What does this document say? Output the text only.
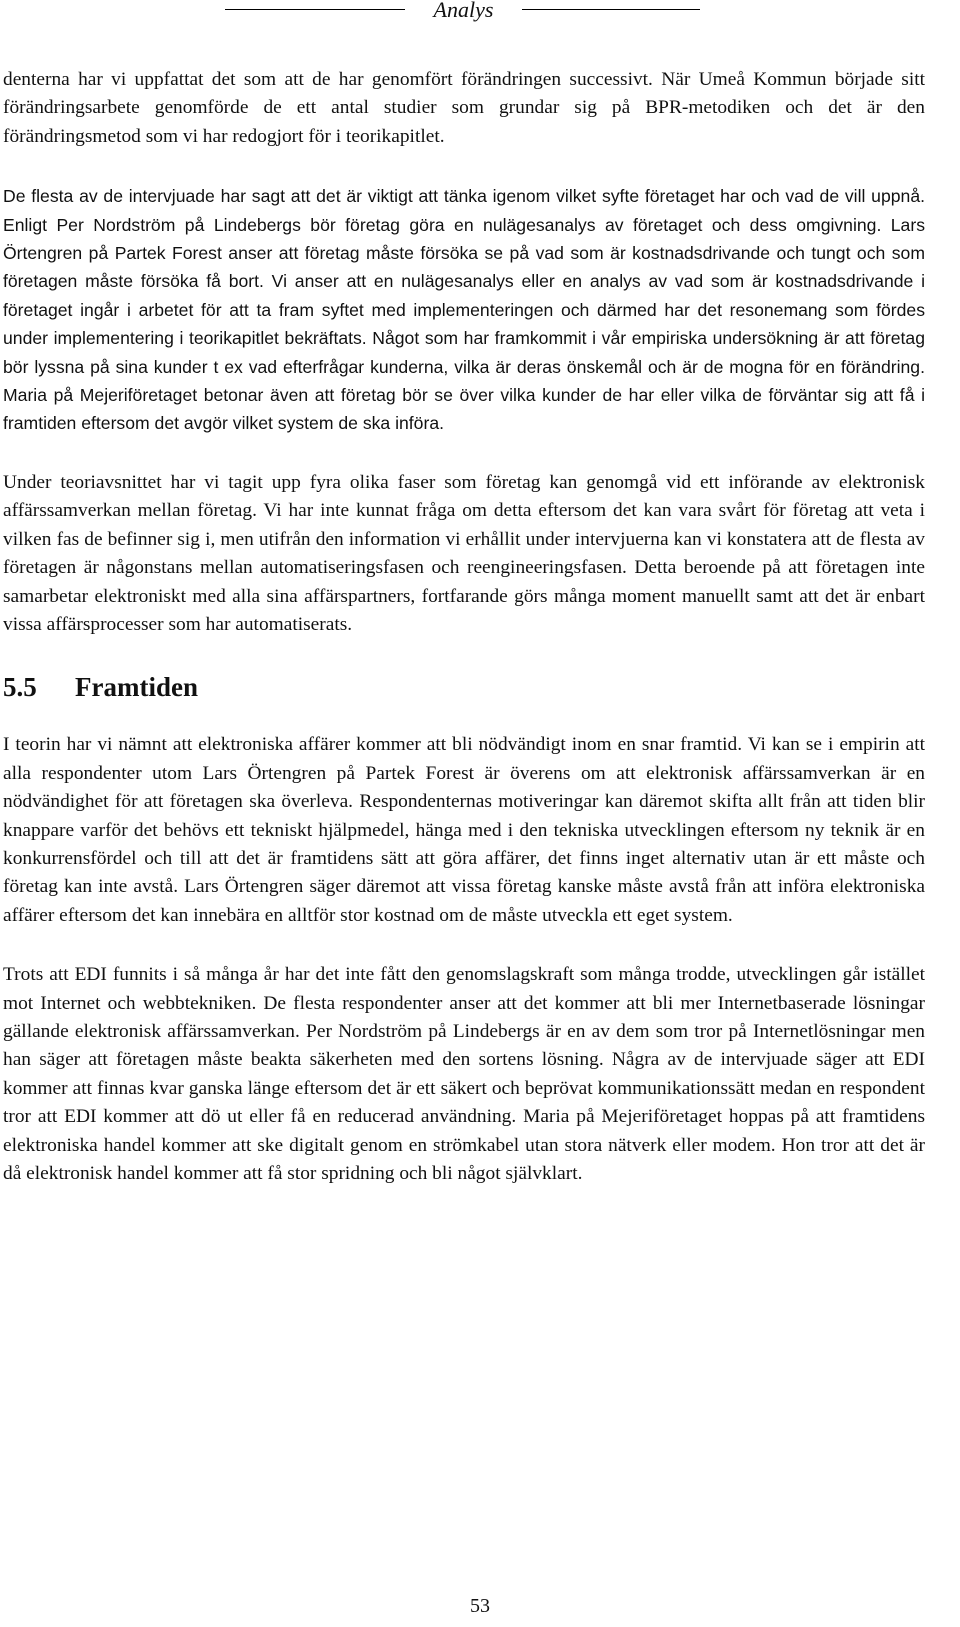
Analys

denterna har vi uppfattat det som att de har genomfört förändringen successivt. När Umeå Kommun började sitt förändringsarbete genomförde de ett antal studier som grundar sig på BPR-metodiken och det är den förändringsmetod som vi har redogjort för i teorikapitlet.

De flesta av de intervjuade har sagt att det är viktigt att tänka igenom vilket syfte företaget har och vad de vill uppnå. Enligt Per Nordström på Lindebergs bör företag göra en nulägesanalys av företaget och dess omgivning. Lars Örtengren på Partek Forest anser att företag måste försöka se på vad som är kostnadsdrivande och tungt och som företagen måste försöka få bort. Vi anser att en nulägesanalys eller en analys av vad som är kostnadsdrivande i företaget ingår i arbetet för att ta fram syftet med implementeringen och därmed har det resonemang som fördes under implementering i teorikapitlet bekräftats. Något som har framkommit i vår empiriska undersökning är att företag bör lyssna på sina kunder t ex vad efterfrågar kunderna, vilka är deras önskemål och är de mogna för en förändring. Maria på Mejeriföretaget betonar även att företag bör se över vilka kunder de har eller vilka de förväntar sig att få i framtiden eftersom det avgör vilket system de ska införa.

Under teoriavsnittet har vi tagit upp fyra olika faser som företag kan genomgå vid ett införande av elektronisk affärssamverkan mellan företag. Vi har inte kunnat fråga om detta eftersom det kan vara svårt för företag att veta i vilken fas de befinner sig i, men utifrån den information vi erhållit under intervjuerna kan vi konstatera att de flesta av företagen är någonstans mellan automatiseringsfasen och reengineeringsfasen. Detta beroende på att företagen inte samarbetar elektroniskt med alla sina affärspartners, fortfarande görs många moment manuellt samt att det är enbart vissa affärsprocesser som har automatiserats.

5.5 Framtiden

I teorin har vi nämnt att elektroniska affärer kommer att bli nödvändigt inom en snar framtid. Vi kan se i empirin att alla respondenter utom Lars Örtengren på Partek Forest är överens om att elektronisk affärssamverkan är en nödvändighet för att företagen ska överleva. Respondenternas motiveringar kan däremot skifta allt från att tiden blir knappare varför det behövs ett tekniskt hjälpmedel, hänga med i den tekniska utvecklingen eftersom ny teknik är en konkurrensfördel och till att det är framtidens sätt att göra affärer, det finns inget alternativ utan är ett måste och företag kan inte avstå. Lars Örtengren säger däremot att vissa företag kanske måste avstå från att införa elektroniska affärer eftersom det kan innebära en alltför stor kostnad om de måste utveckla ett eget system.

Trots att EDI funnits i så många år har det inte fått den genomslagskraft som många trodde, utvecklingen går istället mot Internet och webbtekniken. De flesta respondenter anser att det kommer att bli mer Internetbaserade lösningar gällande elektronisk affärssamverkan. Per Nordström på Lindebergs är en av dem som tror på Internetlösningar men han säger att företagen måste beakta säkerheten med den sortens lösning. Några av de intervjuade säger att EDI kommer att finnas kvar ganska länge eftersom det är ett säkert och beprövat kommunikationssätt medan en respondent tror att EDI kommer att dö ut eller få en reducerad användning. Maria på Mejeriföretaget hoppas på att framtidens elektroniska handel kommer att ske digitalt genom en strömkabel utan stora nätverk eller modem. Hon tror att det är då elektronisk handel kommer att få stor spridning och bli något självklart.

53
